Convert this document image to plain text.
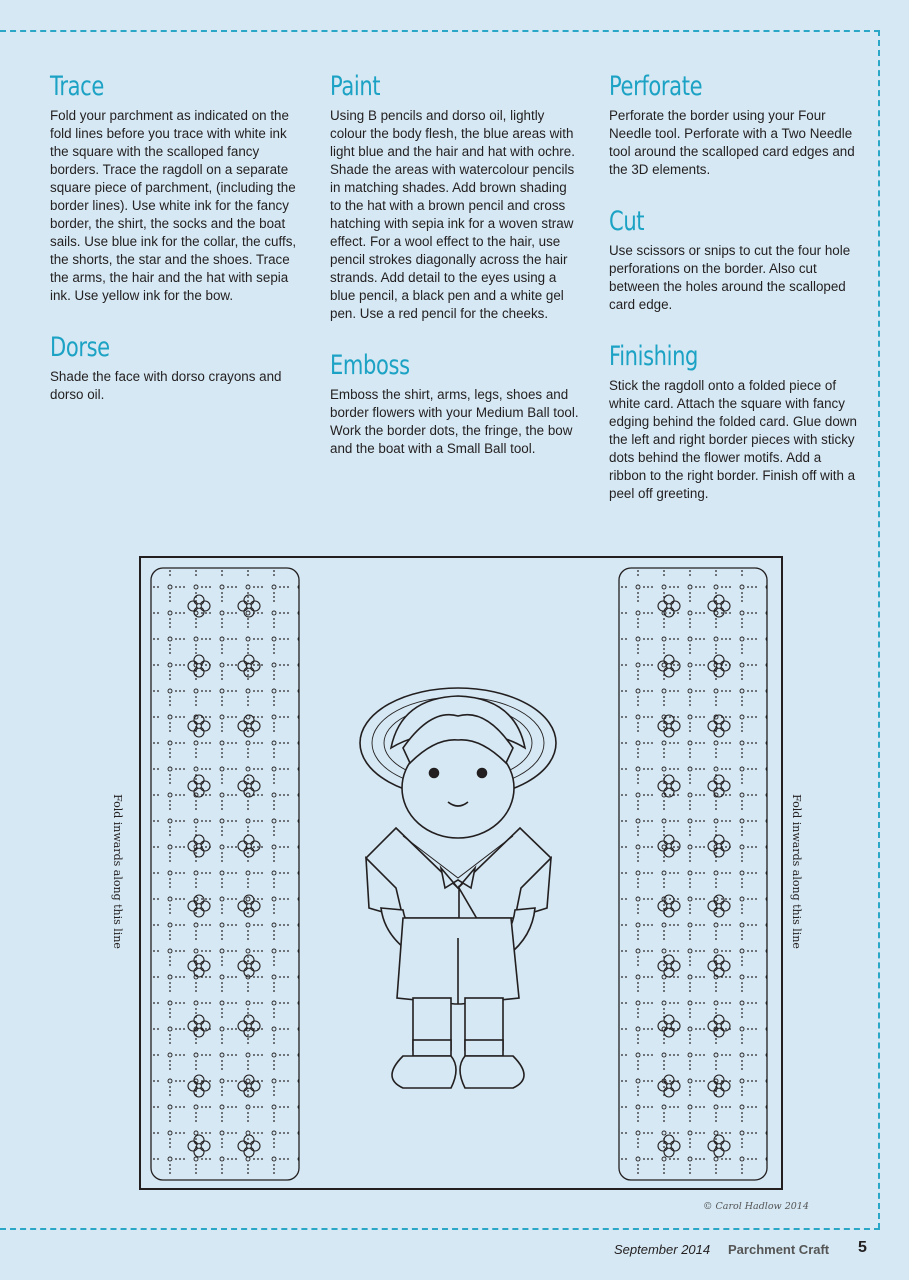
Trace

Fold your parchment as indicated on the fold lines before you trace with white ink the square with the scalloped fancy borders. Trace the ragdoll on a separate square piece of parchment, (including the border lines). Use white ink for the fancy border, the shirt, the socks and the boat sails. Use blue ink for the collar, the cuffs, the shorts, the star and the shoes. Trace the arms, the hair and the hat with sepia ink. Use yellow ink for the bow.

Dorse

Shade the face with dorso crayons and dorso oil.

Paint

Using B pencils and dorso oil, lightly colour the body flesh, the blue areas with light blue and the hair and hat with ochre. Shade the areas with watercolour pencils in matching shades. Add brown shading to the hat with a brown pencil and cross hatching with sepia ink for a woven straw effect. For a wool effect to the hair, use pencil strokes diagonally across the hair strands. Add detail to the eyes using a blue pencil, a black pen and a white gel pen. Use a red pencil for the cheeks.

Emboss

Emboss the shirt, arms, legs, shoes and border flowers with your Medium Ball tool. Work the border dots, the fringe, the bow and the boat with a Small Ball tool.

Perforate

Perforate the border using your Four Needle tool. Perforate with a Two Needle tool around the scalloped card edges and the 3D elements.

Cut

Use scissors or snips to cut the four hole perforations on the border. Also cut between the holes around the scalloped card edge.

Finishing

Stick the ragdoll onto a folded piece of white card. Attach the square with fancy edging behind the folded card. Glue down the left and right border pieces with sticky dots behind the flower motifs. Add a ribbon to the right border. Finish off with a peel off greeting.

Fold inwards along this line	Fold inwards along this line
© Carol Hadlow 2014
September 2014 Parchment Craft 5
